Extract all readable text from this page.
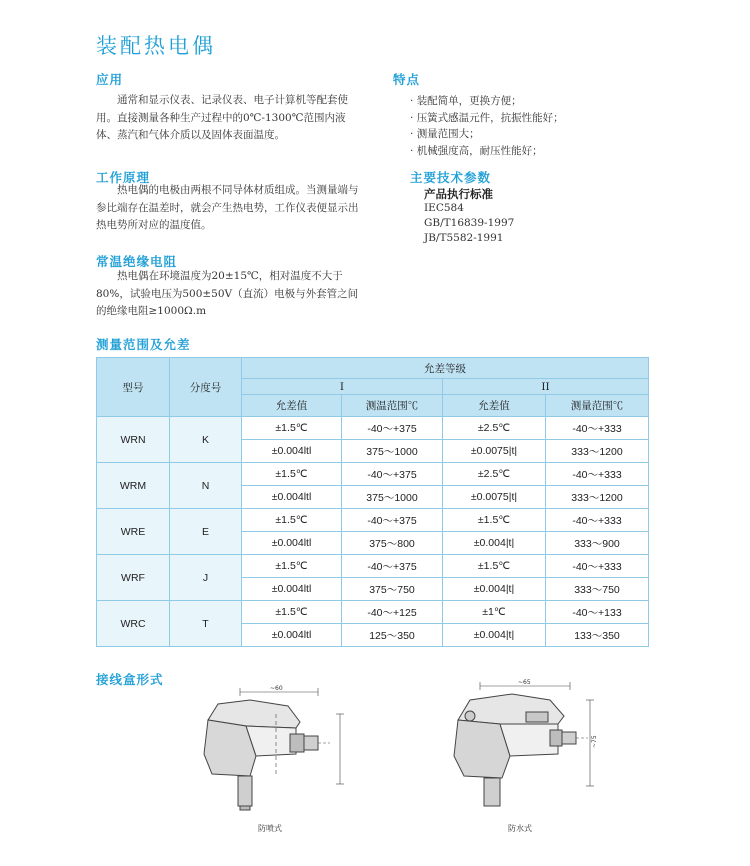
装配热电偶
应用
通常和显示仪表、记录仪表、电子计算机等配套使用。直接测量各种生产过程中的0℃-1300℃范围内液体、蒸汽和气体介质以及固体表面温度。
工作原理
热电偶的电极由两根不同导体材质组成。当测量端与参比端存在温差时，就会产生热电势，工作仪表便显示出热电势所对应的温度值。
常温绝缘电阻
热电偶在环境温度为20±15℃，相对温度不大于80%，试验电压为500±50V（直流）电极与外套管之间的绝缘电阻≥1000Ω.m
特点
· 装配简单，更换方便；
· 压簧式感温元件，抗振性能好；
· 测量范围大；
· 机械强度高，耐压性能好；
主要技术参数
产品执行标准
IEC584
GB/T16839-1997
JB/T5582-1991
测量范围及允差
型号	分度号	允差等级			
		I		II	
		允差值	测温范围℃	允差值	测量范围℃
WRN	K	±1.5℃	-40～+375	±2.5℃	-40～+333
		±0.004ltl	375～1000	±0.0075|t|	333～1200
WRM	N	±1.5℃	-40～+375	±2.5℃	-40～+333
		±0.004ltl	375～1000	±0.0075|t|	333～1200
WRE	E	±1.5℃	-40～+375	±1.5℃	-40～+333
		±0.004ltl	375～800	±0.004|t|	333～900
WRF	J	±1.5℃	-40～+375	±1.5℃	-40～+333
		±0.004ltl	375～750	±0.004|t|	333～750
WRC	T	±1.5℃	-40～+125	±1℃	-40～+133
		±0.004ltl	125～350	±0.004|t|	133～350
接线盒形式
~60
防喷式
~65
~75
防水式
